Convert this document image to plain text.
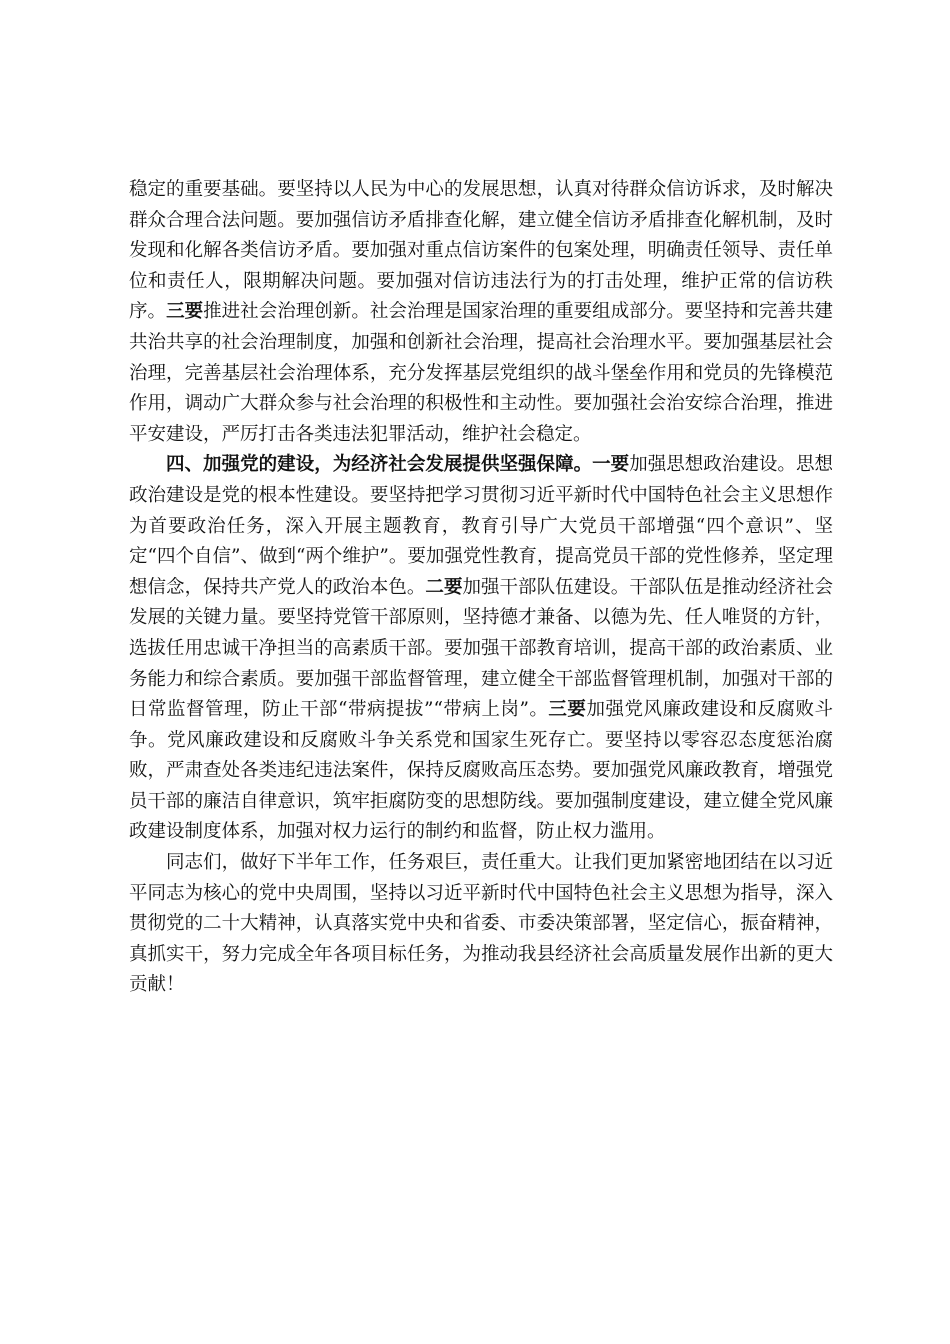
稳定的重要基础。要坚持以人民为中心的发展思想，认真对待群众信访诉求，及时解决群众合理合法问题。要加强信访矛盾排查化解，建立健全信访矛盾排查化解机制，及时发现和化解各类信访矛盾。要加强对重点信访案件的包案处理，明确责任领导、责任单位和责任人，限期解决问题。要加强对信访违法行为的打击处理，维护正常的信访秩序。三要推进社会治理创新。社会治理是国家治理的重要组成部分。要坚持和完善共建共治共享的社会治理制度，加强和创新社会治理，提高社会治理水平。要加强基层社会治理，完善基层社会治理体系，充分发挥基层党组织的战斗堡垒作用和党员的先锋模范作用，调动广大群众参与社会治理的积极性和主动性。要加强社会治安综合治理，推进平安建设，严厉打击各类违法犯罪活动，维护社会稳定。

四、加强党的建设，为经济社会发展提供坚强保障。一要加强思想政治建设。思想政治建设是党的根本性建设。要坚持把学习贯彻习近平新时代中国特色社会主义思想作为首要政治任务，深入开展主题教育，教育引导广大党员干部增强“四个意识”、坚定“四个自信”、做到“两个维护”。要加强党性教育，提高党员干部的党性修养，坚定理想信念，保持共产党人的政治本色。二要加强干部队伍建设。干部队伍是推动经济社会发展的关键力量。要坚持党管干部原则，坚持德才兼备、以德为先、任人唯贤的方针，选拔任用忠诚干净担当的高素质干部。要加强干部教育培训，提高干部的政治素质、业务能力和综合素质。要加强干部监督管理，建立健全干部监督管理机制，加强对干部的日常监督管理，防止干部“带病提拔”“带病上岗”。三要加强党风廉政建设和反腐败斗争。党风廉政建设和反腐败斗争关系党和国家生死存亡。要坚持以零容忍态度惩治腐败，严肃查处各类违纪违法案件，保持反腐败高压态势。要加强党风廉政教育，增强党员干部的廉洁自律意识，筑牢拒腐防变的思想防线。要加强制度建设，建立健全党风廉政建设制度体系，加强对权力运行的制约和监督，防止权力滥用。

同志们，做好下半年工作，任务艰巨，责任重大。让我们更加紧密地团结在以习近平同志为核心的党中央周围，坚持以习近平新时代中国特色社会主义思想为指导，深入贯彻党的二十大精神，认真落实党中央和省委、市委决策部署，坚定信心，振奋精神，真抓实干，努力完成全年各项目标任务，为推动我县经济社会高质量发展作出新的更大贡献！
